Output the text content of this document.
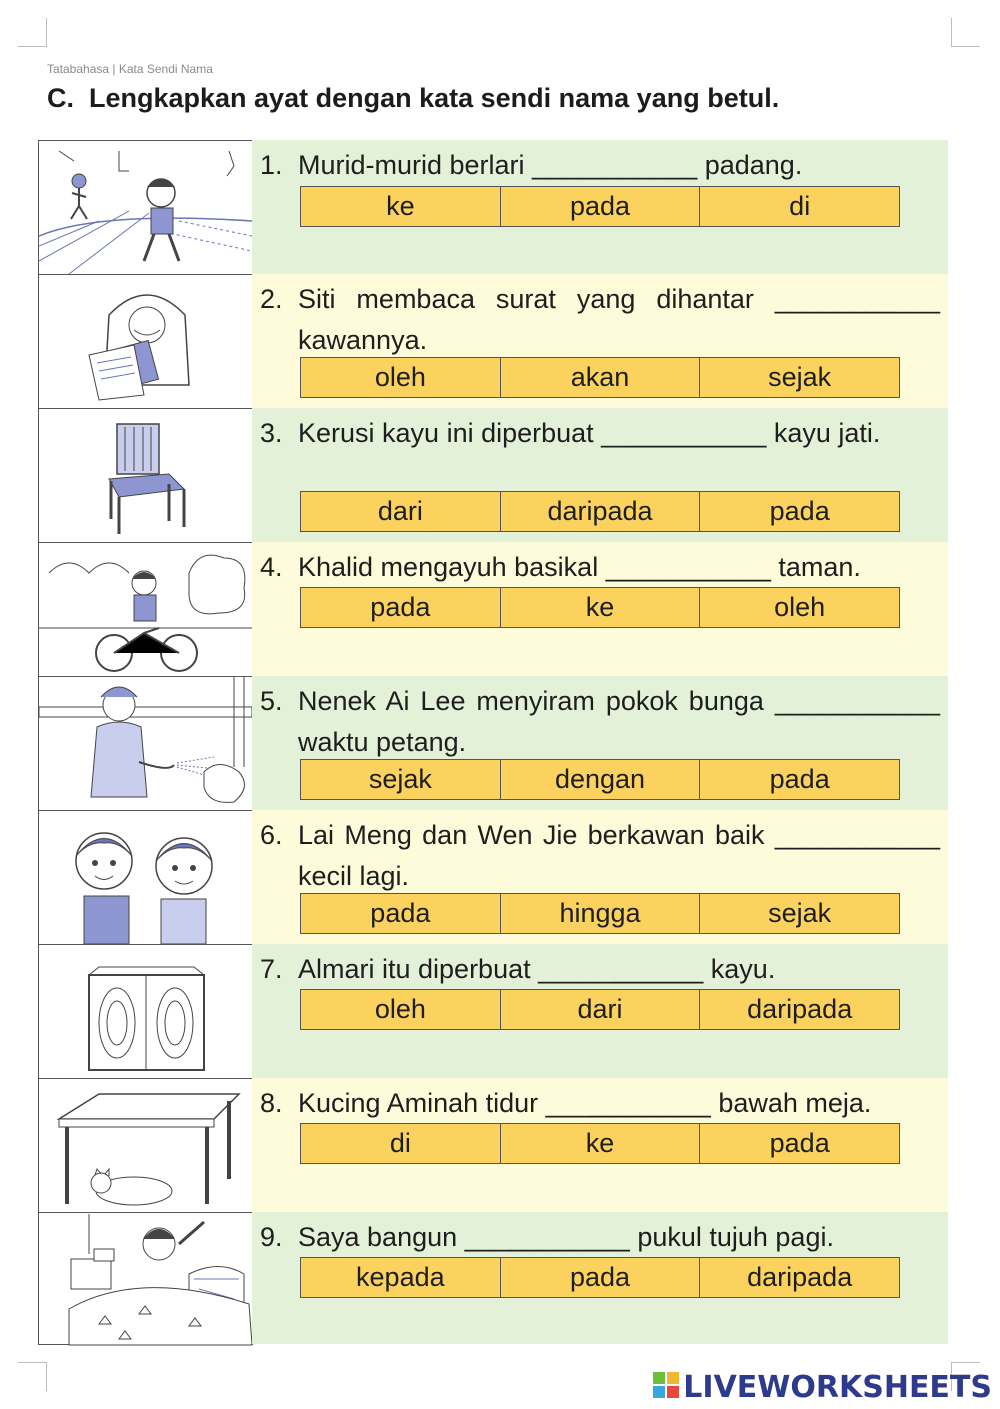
Tatabahasa | Kata Sendi Nama
C. Lengkapkan ayat dengan kata sendi nama yang betul.
1. Murid-murid berlari ___________ padang.
ke	pada	di
2. Siti membaca surat yang dihantar ___________ kawannya.
oleh	akan	sejak
3. Kerusi kayu ini diperbuat ___________ kayu jati.
dari	daripada	pada
4. Khalid mengayuh basikal ___________ taman.
pada	ke	oleh
5. Nenek Ai Lee menyiram pokok bunga ___________ waktu petang.
sejak	dengan	pada
6. Lai Meng dan Wen Jie berkawan baik ___________ kecil lagi.
pada	hingga	sejak
7. Almari itu diperbuat ___________ kayu.
oleh	dari	daripada
8. Kucing Aminah tidur ___________ bawah meja.
di	ke	pada
9. Saya bangun ___________ pukul tujuh pagi.
kepada	pada	daripada
LIVEWORKSHEETS
